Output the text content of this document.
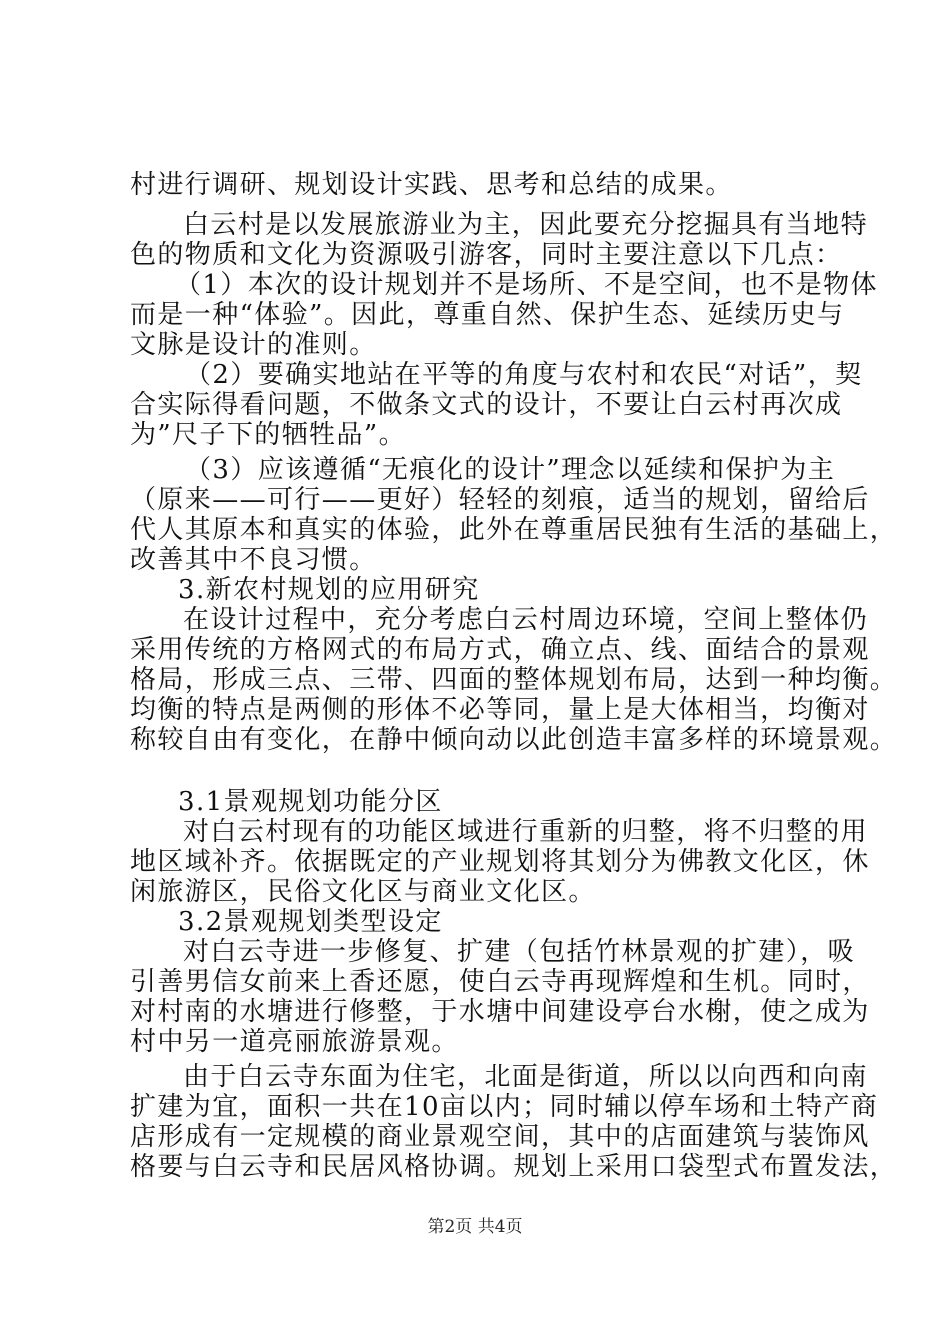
村进行调研、规划设计实践、思考和总结的成果。
白云村是以发展旅游业为主，因此要充分挖掘具有当地特
色的物质和文化为资源吸引游客，同时主要注意以下几点：
（1）本次的设计规划并不是场所、不是空间，也不是物体
而是一种“体验”。因此，尊重自然、保护生态、延续历史与
文脉是设计的准则。
（2）要确实地站在平等的角度与农村和农民“对话”，契
合实际得看问题，不做条文式的设计，不要让白云村再次成
为”尺子下的牺牲品”。
（3）应该遵循“无痕化的设计”理念以延续和保护为主
（原来——可行——更好）轻轻的刻痕，适当的规划，留给后
代人其原本和真实的体验，此外在尊重居民独有生活的基础上，
改善其中不良习惯。
3.新农村规划的应用研究
在设计过程中，充分考虑白云村周边环境，空间上整体仍
采用传统的方格网式的布局方式，确立点、线、面结合的景观
格局，形成三点、三带、四面的整体规划布局，达到一种均衡。
均衡的特点是两侧的形体不必等同，量上是大体相当，均衡对
称较自由有变化，在静中倾向动以此创造丰富多样的环境景观。
3.1景观规划功能分区
对白云村现有的功能区域进行重新的归整，将不归整的用
地区域补齐。依据既定的产业规划将其划分为佛教文化区，休
闲旅游区，民俗文化区与商业文化区。
3.2景观规划类型设定
对白云寺进一步修复、扩建（包括竹林景观的扩建），吸
引善男信女前来上香还愿，使白云寺再现辉煌和生机。同时，
对村南的水塘进行修整，于水塘中间建设亭台水榭，使之成为
村中另一道亮丽旅游景观。
由于白云寺东面为住宅，北面是街道，所以以向西和向南
扩建为宜，面积一共在10亩以内；同时辅以停车场和土特产商
店形成有一定规模的商业景观空间，其中的店面建筑与装饰风
格要与白云寺和民居风格协调。规划上采用口袋型式布置发法，
第2页 共4页
